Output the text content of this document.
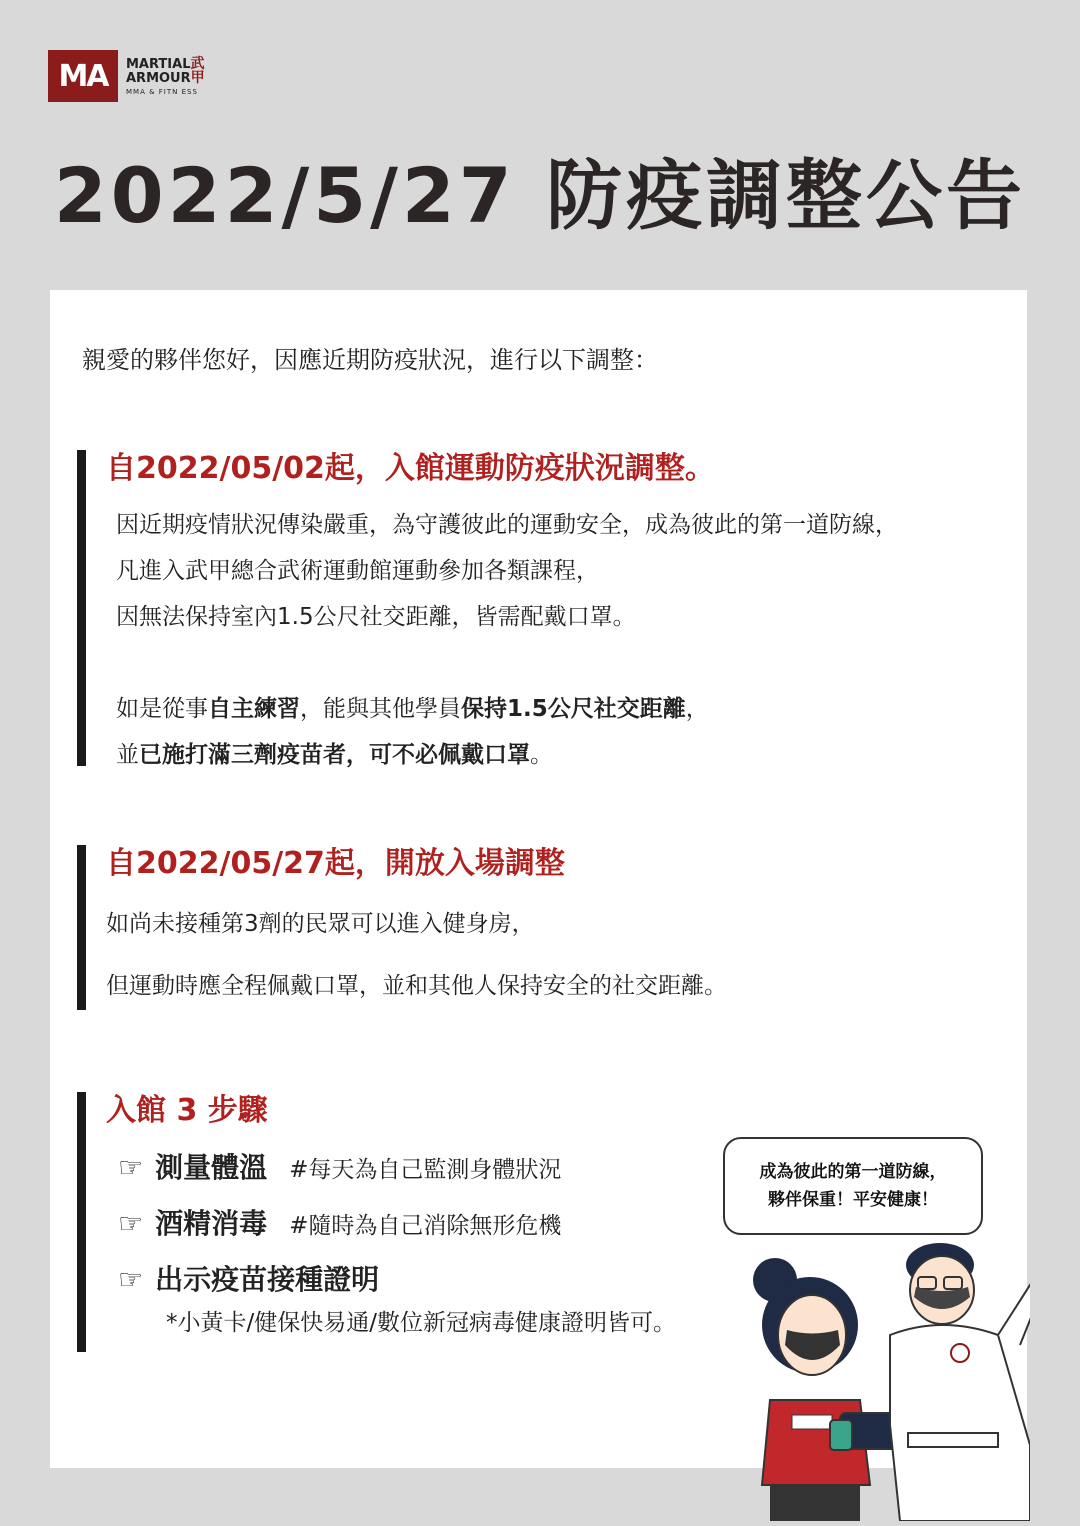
MA MARTIAL武
ARMOUR甲
MMA & FITN ESS
2022/5/27 防疫調整公告

親愛的夥伴您好，因應近期防疫狀況，進行以下調整：

自2022/05/02起，入館運動防疫狀況調整。

因近期疫情狀況傳染嚴重，為守護彼此的運動安全，成為彼此的第一道防線，

凡進入武甲總合武術運動館運動參加各類課程，

因無法保持室內1.5公尺社交距離，皆需配戴口罩。

如是從事自主練習，能與其他學員保持1.5公尺社交距離，

並已施打滿三劑疫苗者，可不必佩戴口罩。

自2022/05/27起，開放入場調整

如尚未接種第3劑的民眾可以進入健身房，

但運動時應全程佩戴口罩，並和其他人保持安全的社交距離。

入館 3 步驟
☞ 測量體溫 #每天為自己監測身體狀況
☞ 酒精消毒 #隨時為自己消除無形危機
☞ 出示疫苗接種證明

*小黃卡/健保快易通/數位新冠病毒健康證明皆可。

成為彼此的第一道防線，

夥伴保重！平安健康！
